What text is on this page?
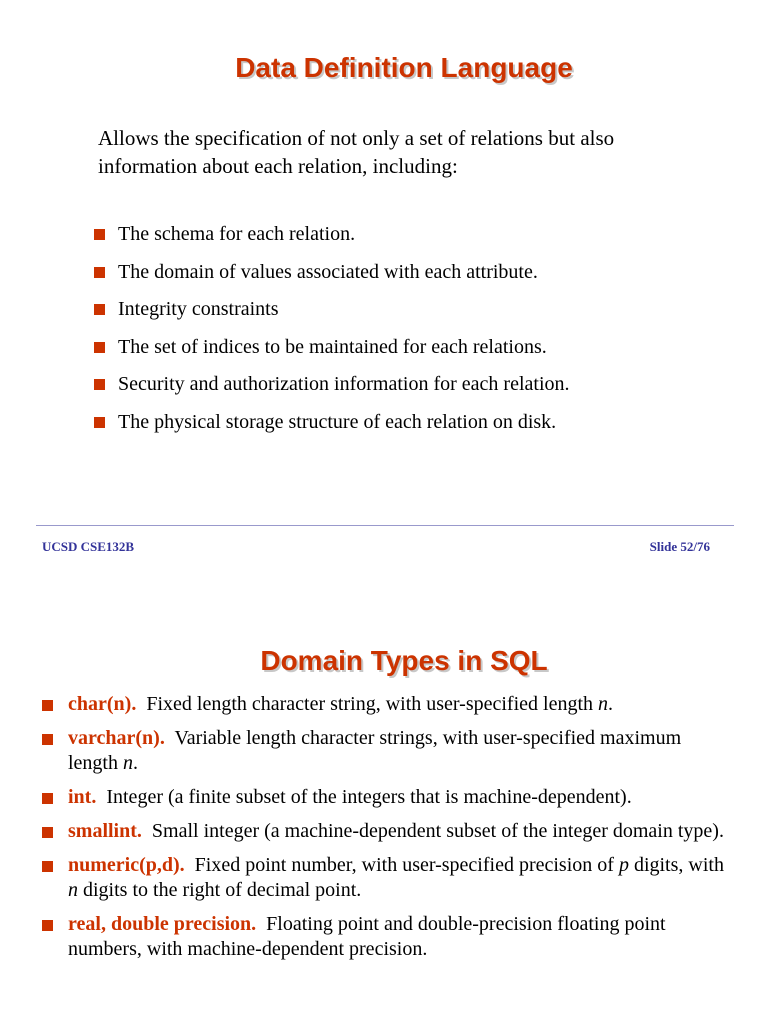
Data Definition Language
Allows the specification of not only a set of relations but also information about each relation, including:
The schema for each relation.
The domain of values associated with each attribute.
Integrity constraints
The set of indices to be maintained for each relations.
Security and authorization information for each relation.
The physical storage structure of each relation on disk.
UCSD CSE132B	Slide 52/76
Domain Types in SQL
char(n). Fixed length character string, with user-specified length n.
varchar(n). Variable length character strings, with user-specified maximum length n.
int. Integer (a finite subset of the integers that is machine-dependent).
smallint. Small integer (a machine-dependent subset of the integer domain type).
numeric(p,d). Fixed point number, with user-specified precision of p digits, with n digits to the right of decimal point.
real, double precision. Floating point and double-precision floating point numbers, with machine-dependent precision.
